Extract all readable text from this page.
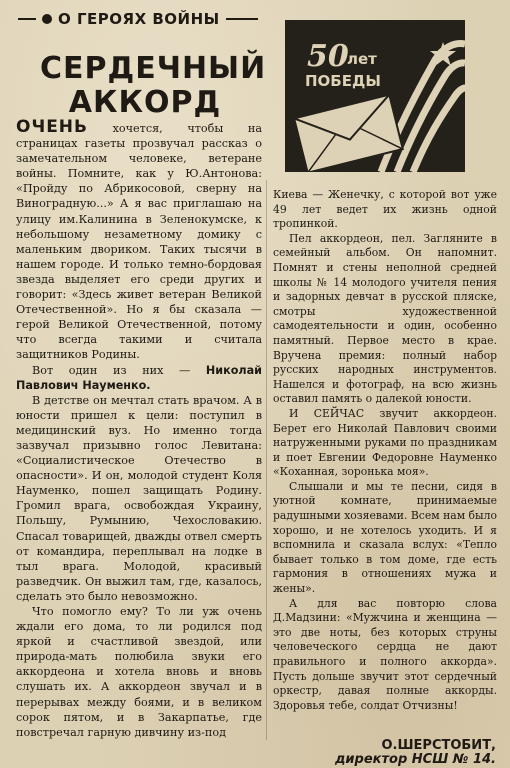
О ГЕРОЯХ ВОЙНЫ
СЕРДЕЧНЫЙ
АККОРД
50
лет
ПОБЕДЫ

ОЧЕНЬ хочется, чтобы на страницах газеты прозвучал рассказ о замечательном человеке, ветеране войны. Помните, как у Ю.Антонова: «Пройду по Абрикосовой, сверну на Виноградную...» А я вас приглашаю на улицу им.Калинина в Зеленокумске, к небольшому незаметному домику с маленьким двориком. Таких тысячи в нашем городе. И только темно-бордовая звезда выделяет его среди других и говорит: «Здесь живет ветеран Великой Отечественной». Но я бы сказала — герой Великой Отечественной, потому что всегда такими и считала защитников Родины.

Вот один из них — Николай Павлович Науменко.

В детстве он мечтал стать врачом. А в юности пришел к цели: поступил в медицинский вуз. Но именно тогда зазвучал призывно голос Левитана: «Социалистическое Отечество в опасности». И он, молодой студент Коля Науменко, пошел защищать Родину. Громил врага, освобождая Украину, Польшу, Румынию, Чехословакию. Спасал товарищей, дважды отвел смерть от командира, переплывал на лодке в тыл врага. Молодой, красивый разведчик. Он выжил там, где, казалось, сделать это было невозможно.

Что помогло ему? То ли уж очень ждали его дома, то ли родился под яркой и счастливой звездой, или природа-мать полюбила звуки его аккордеона и хотела вновь и вновь слушать их. А аккордеон звучал и в перерывах между боями, и в великом сорок пятом, и в Закарпатье, где повстречал гарную дивчину из-под

Киева — Женечку, с которой вот уже 49 лет ведет их жизнь одной тропинкой.

Пел аккордеон, пел. Загляните в семейный альбом. Он напомнит. Помнят и стены неполной средней школы № 14 молодого учителя пения и задорных девчат в русской пляске, смотры художественной самодеятельности и один, особенно памятный. Первое место в крае. Вручена премия: полный набор русских народных инструментов. Нашелся и фотограф, на всю жизнь оставил память о далекой юности.

И СЕЙЧАС звучит аккордеон. Берет его Николай Павлович своими натруженными руками по праздникам и поет Евгении Федоровне Науменко «Коханная, зоронька моя».

Слышали и мы те песни, сидя в уютной комнате, принимаемые радушными хозяевами. Всем нам было хорошо, и не хотелось уходить. И я вспомнила и сказала вслух: «Тепло бывает только в том доме, где есть гармония в отношениях мужа и жены».

А для вас повторю слова Д.Мадзини: «Мужчина и женщина — это две ноты, без которых струны человеческого сердца не дают правильного и полного аккорда». Пусть дольше звучит этот сердечный оркестр, давая полные аккорды. Здоровья тебе, солдат Отчизны!

О.ШЕРСТОБИТ,
директор НСШ № 14.
